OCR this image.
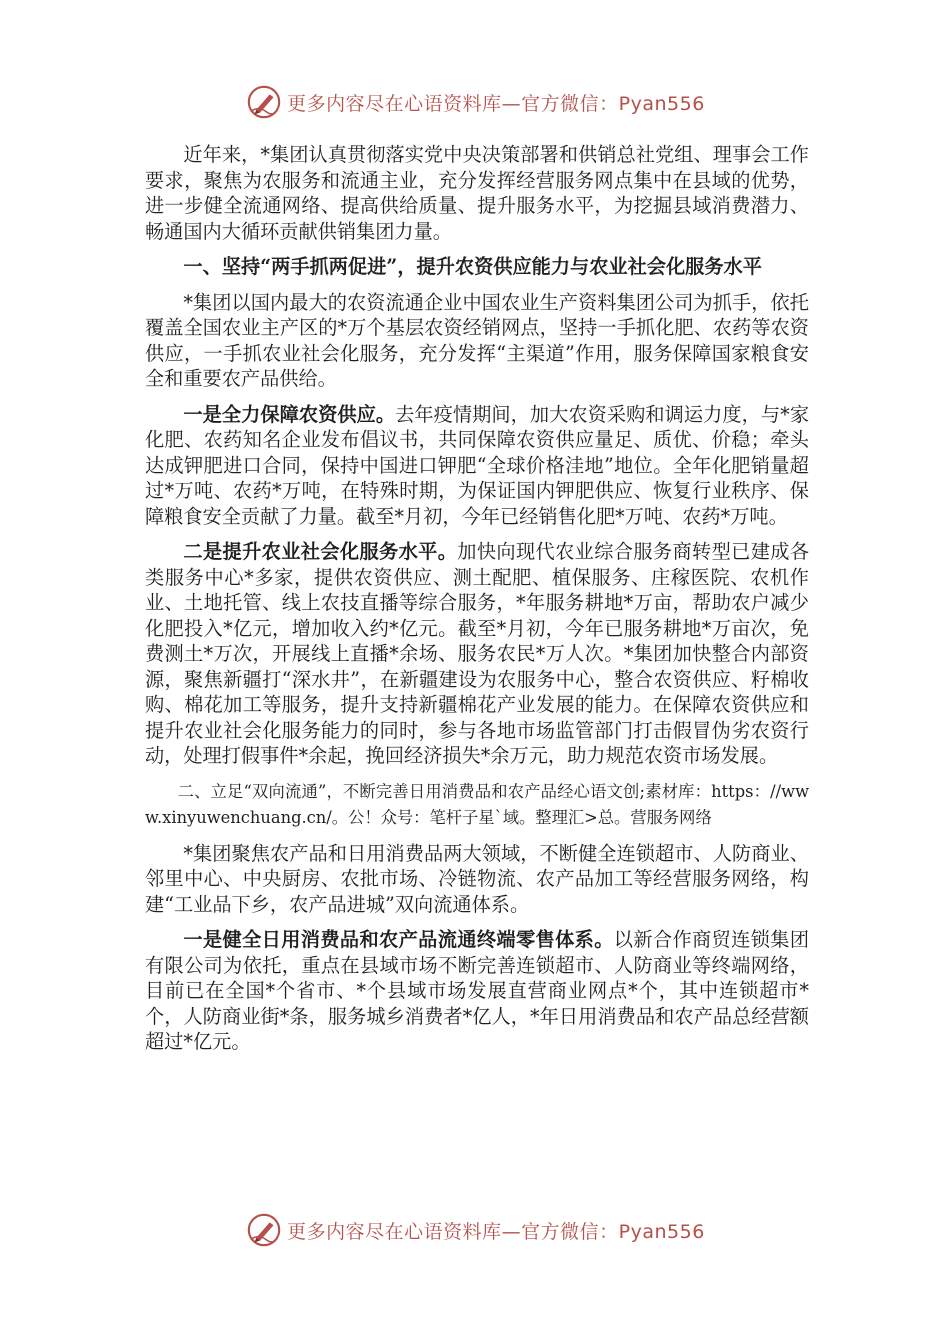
更多内容尽在心语资料库—官方微信：Pyan556

近年来，*集团认真贯彻落实党中央决策部署和供销总社党组、理事会工作要求，聚焦为农服务和流通主业，充分发挥经营服务网点集中在县域的优势，进一步健全流通网络、提高供给质量、提升服务水平，为挖掘县域消费潜力、畅通国内大循环贡献供销集团力量。

一、坚持“两手抓两促进”，提升农资供应能力与农业社会化服务水平

*集团以国内最大的农资流通企业中国农业生产资料集团公司为抓手，依托覆盖全国农业主产区的*万个基层农资经销网点，坚持一手抓化肥、农药等农资供应，一手抓农业社会化服务，充分发挥“主渠道”作用，服务保障国家粮食安全和重要农产品供给。

一是全力保障农资供应。去年疫情期间，加大农资采购和调运力度，与*家化肥、农药知名企业发布倡议书，共同保障农资供应量足、质优、价稳；牵头达成钾肥进口合同，保持中国进口钾肥“全球价格洼地”地位。全年化肥销量超过*万吨、农药*万吨，在特殊时期，为保证国内钾肥供应、恢复行业秩序、保障粮食安全贡献了力量。截至*月初，今年已经销售化肥*万吨、农药*万吨。

二是提升农业社会化服务水平。加快向现代农业综合服务商转型已建成各类服务中心*多家，提供农资供应、测土配肥、植保服务、庄稼医院、农机作业、土地托管、线上农技直播等综合服务，*年服务耕地*万亩，帮助农户减少化肥投入*亿元，增加收入约*亿元。截至*月初，今年已服务耕地*万亩次，免费测土*万次，开展线上直播*余场、服务农民*万人次。*集团加快整合内部资源，聚焦新疆打“深水井”，在新疆建设为农服务中心，整合农资供应、籽棉收购、棉花加工等服务，提升支持新疆棉花产业发展的能力。在保障农资供应和提升农业社会化服务能力的同时，参与各地市场监管部门打击假冒伪劣农资行动，处理打假事件*余起，挽回经济损失*余万元，助力规范农资市场发展。

二、立足“双向流通”，不断完善日用消费品和农产品经心语文创;素材库：https：//www.xinyuwenchuang.cn/。公！众号：笔杆子星`域。整理汇>总。营服务网络

*集团聚焦农产品和日用消费品两大领域，不断健全连锁超市、人防商业、邻里中心、中央厨房、农批市场、冷链物流、农产品加工等经营服务网络，构建“工业品下乡，农产品进城”双向流通体系。

一是健全日用消费品和农产品流通终端零售体系。以新合作商贸连锁集团有限公司为依托，重点在县域市场不断完善连锁超市、人防商业等终端网络，目前已在全国*个省市、*个县域市场发展直营商业网点*个，其中连锁超市*个，人防商业街*条，服务城乡消费者*亿人，*年日用消费品和农产品总经营额超过*亿元。

更多内容尽在心语资料库—官方微信：Pyan556
